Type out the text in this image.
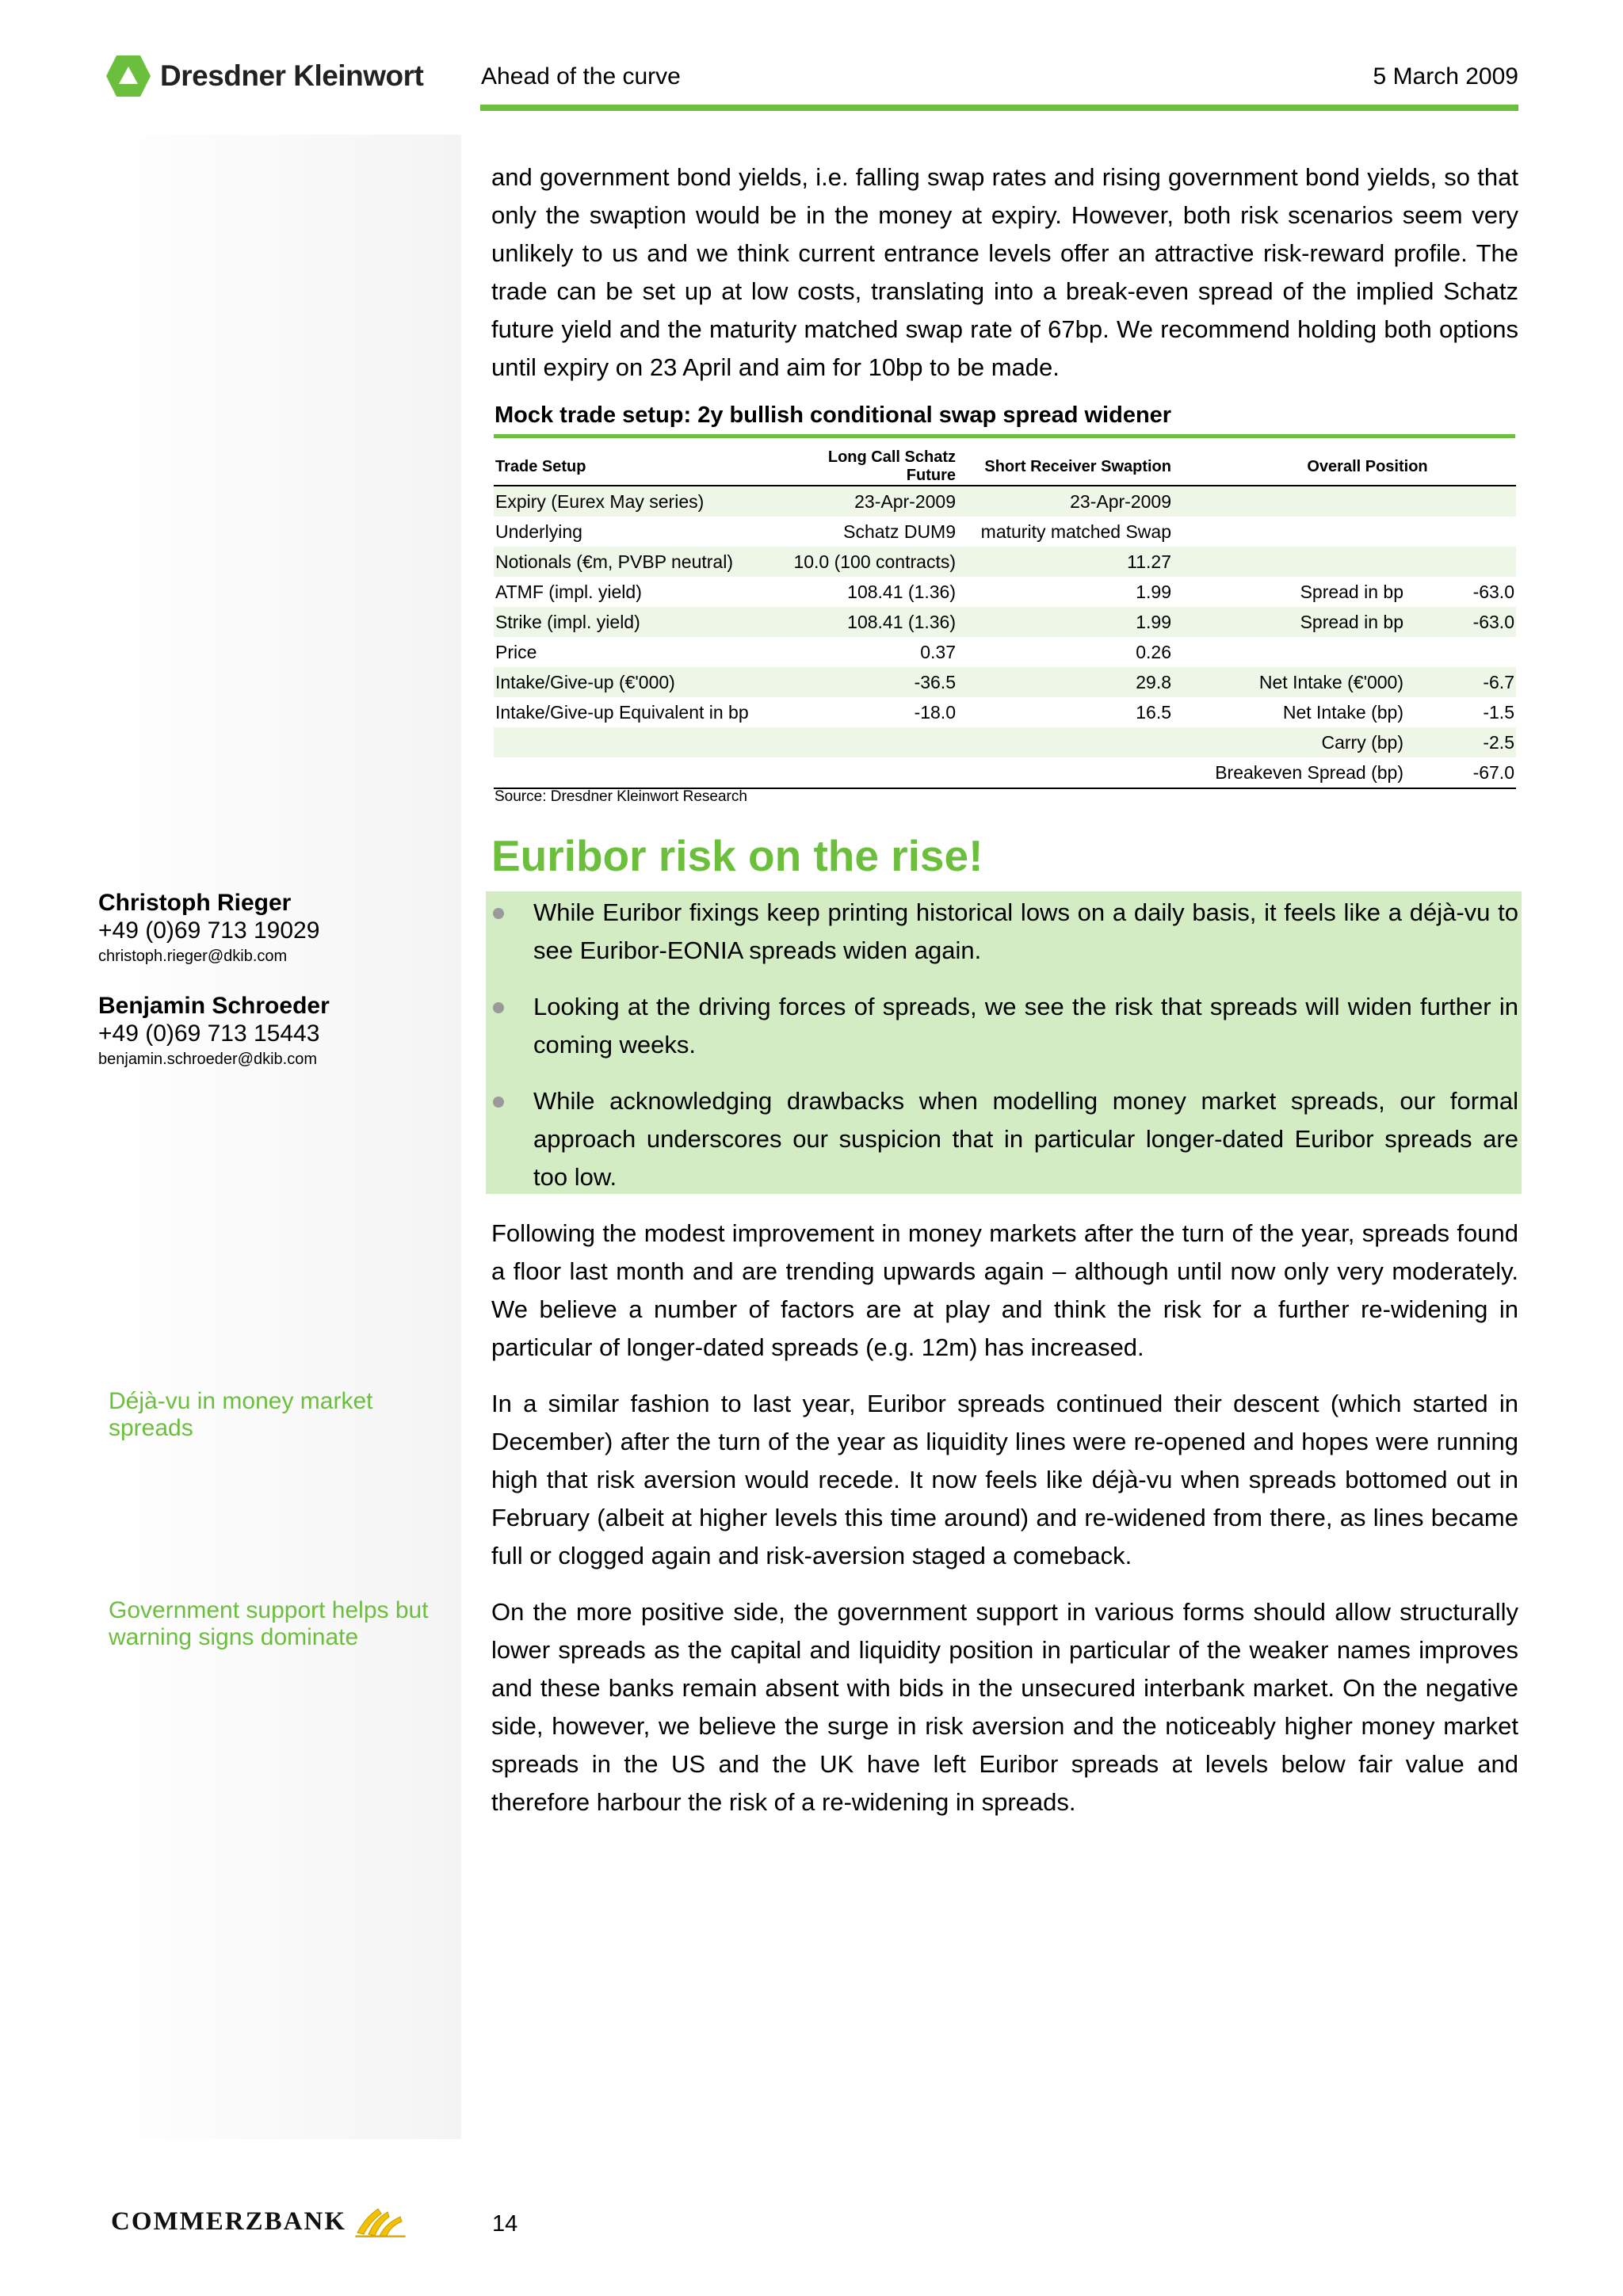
Dresdner Kleinwort Ahead of the curve	5 March 2009
Christoph Rieger
+49 (0)69 713 19029
christoph.rieger@dkib.com
Benjamin Schroeder
+49 (0)69 713 15443
benjamin.schroeder@dkib.com
Déjà-vu in money market spreads
Government support helps but warning signs dominate

and government bond yields, i.e. falling swap rates and rising government bond yields, so that only the swaption would be in the money at expiry. However, both risk scenarios seem very unlikely to us and we think current entrance levels offer an attractive risk-reward profile. The trade can be set up at low costs, translating into a break-even spread of the implied Schatz future yield and the maturity matched swap rate of 67bp. We recommend holding both options until expiry on 23 April and aim for 10bp to be made.

Mock trade setup: 2y bullish conditional swap spread widener
Trade Setup	Long Call Schatz Future	Short Receiver Swaption	Overall Position	
Expiry (Eurex May series)	23-Apr-2009	23-Apr-2009		
Underlying	Schatz DUM9	maturity matched Swap		
Notionals (€m, PVBP neutral)	10.0 (100 contracts)	11.27		
ATMF (impl. yield)	108.41 (1.36)	1.99	Spread in bp	-63.0
Strike (impl. yield)	108.41 (1.36)	1.99	Spread in bp	-63.0
Price	0.37	0.26		
Intake/Give-up (€'000)	-36.5	29.8	Net Intake (€'000)	-6.7
Intake/Give-up Equivalent in bp	-18.0	16.5	Net Intake (bp)	-1.5
			Carry (bp)	-2.5
			Breakeven Spread (bp)	-67.0
Source: Dresdner Kleinwort Research
Euribor risk on the rise!
While Euribor fixings keep printing historical lows on a daily basis, it feels like a déjà-vu to see Euribor-EONIA spreads widen again.
Looking at the driving forces of spreads, we see the risk that spreads will widen further in coming weeks.
While acknowledging drawbacks when modelling money market spreads, our formal approach underscores our suspicion that in particular longer-dated Euribor spreads are too low.

Following the modest improvement in money markets after the turn of the year, spreads found a floor last month and are trending upwards again – although until now only very moderately. We believe a number of factors are at play and think the risk for a further re-widening in particular of longer-dated spreads (e.g. 12m) has increased.

In a similar fashion to last year, Euribor spreads continued their descent (which started in December) after the turn of the year as liquidity lines were re-opened and hopes were running high that risk aversion would recede. It now feels like déjà-vu when spreads bottomed out in February (albeit at higher levels this time around) and re-widened from there, as lines became full or clogged again and risk-aversion staged a comeback.

On the more positive side, the government support in various forms should allow structurally lower spreads as the capital and liquidity position in particular of the weaker names improves and these banks remain absent with bids in the unsecured interbank market. On the negative side, however, we believe the surge in risk aversion and the noticeably higher money market spreads in the US and the UK have left Euribor spreads at levels below fair value and therefore harbour the risk of a re-widening in spreads.

COMMERZBANK	14
